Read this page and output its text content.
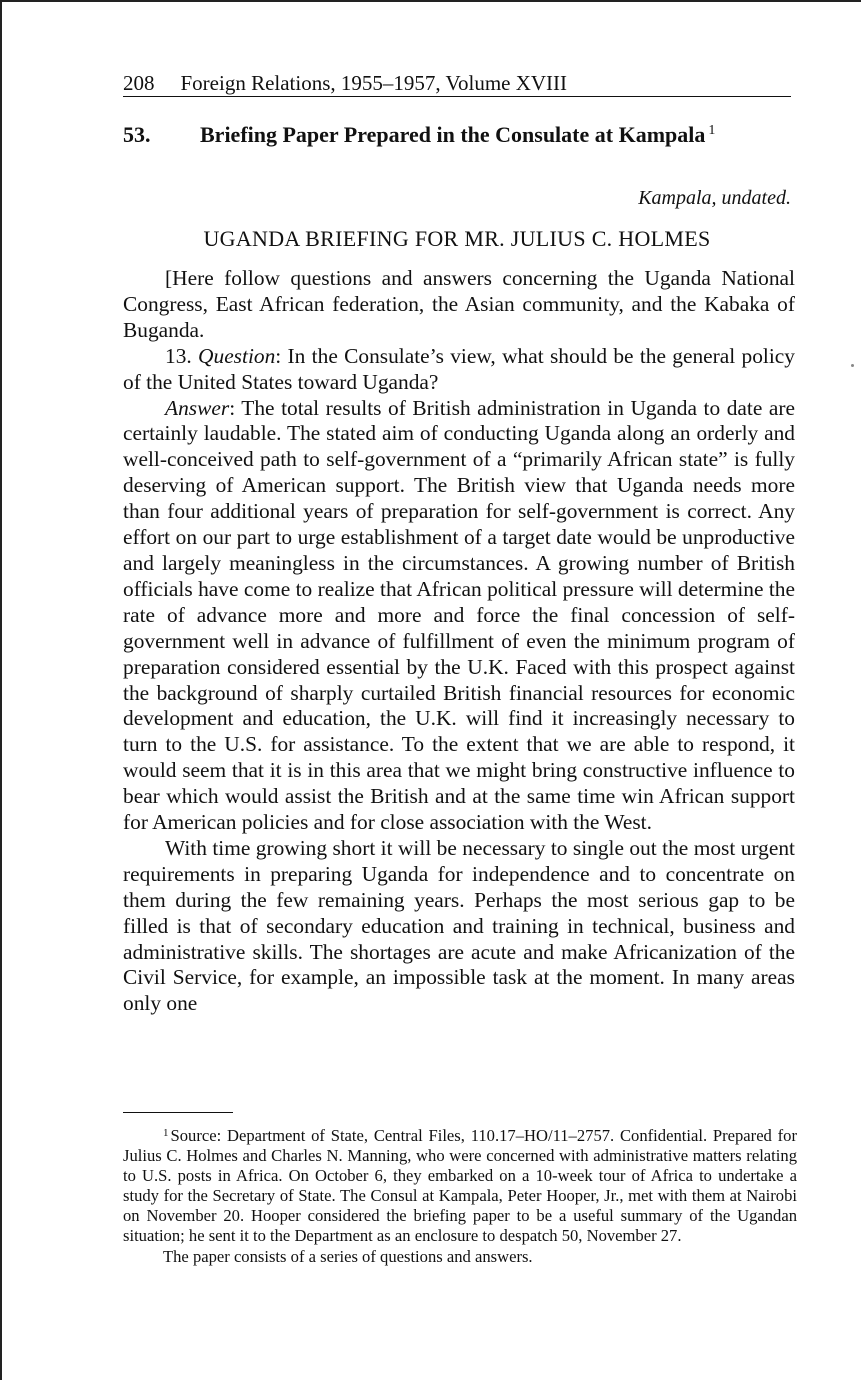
208 Foreign Relations, 1955–1957, Volume XVIII
53. Briefing Paper Prepared in the Consulate at Kampala $^1$
Kampala, undated.
UGANDA BRIEFING FOR MR. JULIUS C. HOLMES

[Here follow questions and answers concerning the Uganda National Congress, East African federation, the Asian community, and the Kabaka of Buganda.

13. Question: In the Consulate’s view, what should be the general policy of the United States toward Uganda?

Answer: The total results of British administration in Uganda to date are certainly laudable. The stated aim of conducting Uganda along an orderly and well-conceived path to self-government of a “primarily African state” is fully deserving of American support. The British view that Uganda needs more than four additional years of preparation for self-government is correct. Any effort on our part to urge establishment of a target date would be unproductive and largely meaningless in the circumstances. A growing number of British officials have come to realize that African political pressure will determine the rate of advance more and more and force the final concession of self-government well in advance of fulfillment of even the minimum program of preparation considered essential by the U.K. Faced with this prospect against the background of sharply curtailed British financial resources for economic development and education, the U.K. will find it increasingly necessary to turn to the U.S. for assistance. To the extent that we are able to respond, it would seem that it is in this area that we might bring constructive influence to bear which would assist the British and at the same time win African support for American policies and for close association with the West.

With time growing short it will be necessary to single out the most urgent requirements in preparing Uganda for independence and to concentrate on them during the few remaining years. Perhaps the most serious gap to be filled is that of secondary education and training in technical, business and administrative skills. The shortages are acute and make Africanization of the Civil Service, for example, an impossible task at the moment. In many areas only one

$^1$ Source: Department of State, Central Files, 110.17–HO/11–2757. Confidential. Prepared for Julius C. Holmes and Charles N. Manning, who were concerned with administrative matters relating to U.S. posts in Africa. On October 6, they embarked on a 10-week tour of Africa to undertake a study for the Secretary of State. The Consul at Kampala, Peter Hooper, Jr., met with them at Nairobi on November 20. Hooper considered the briefing paper to be a useful summary of the Ugandan situation; he sent it to the Department as an enclosure to despatch 50, November 27.

The paper consists of a series of questions and answers.
